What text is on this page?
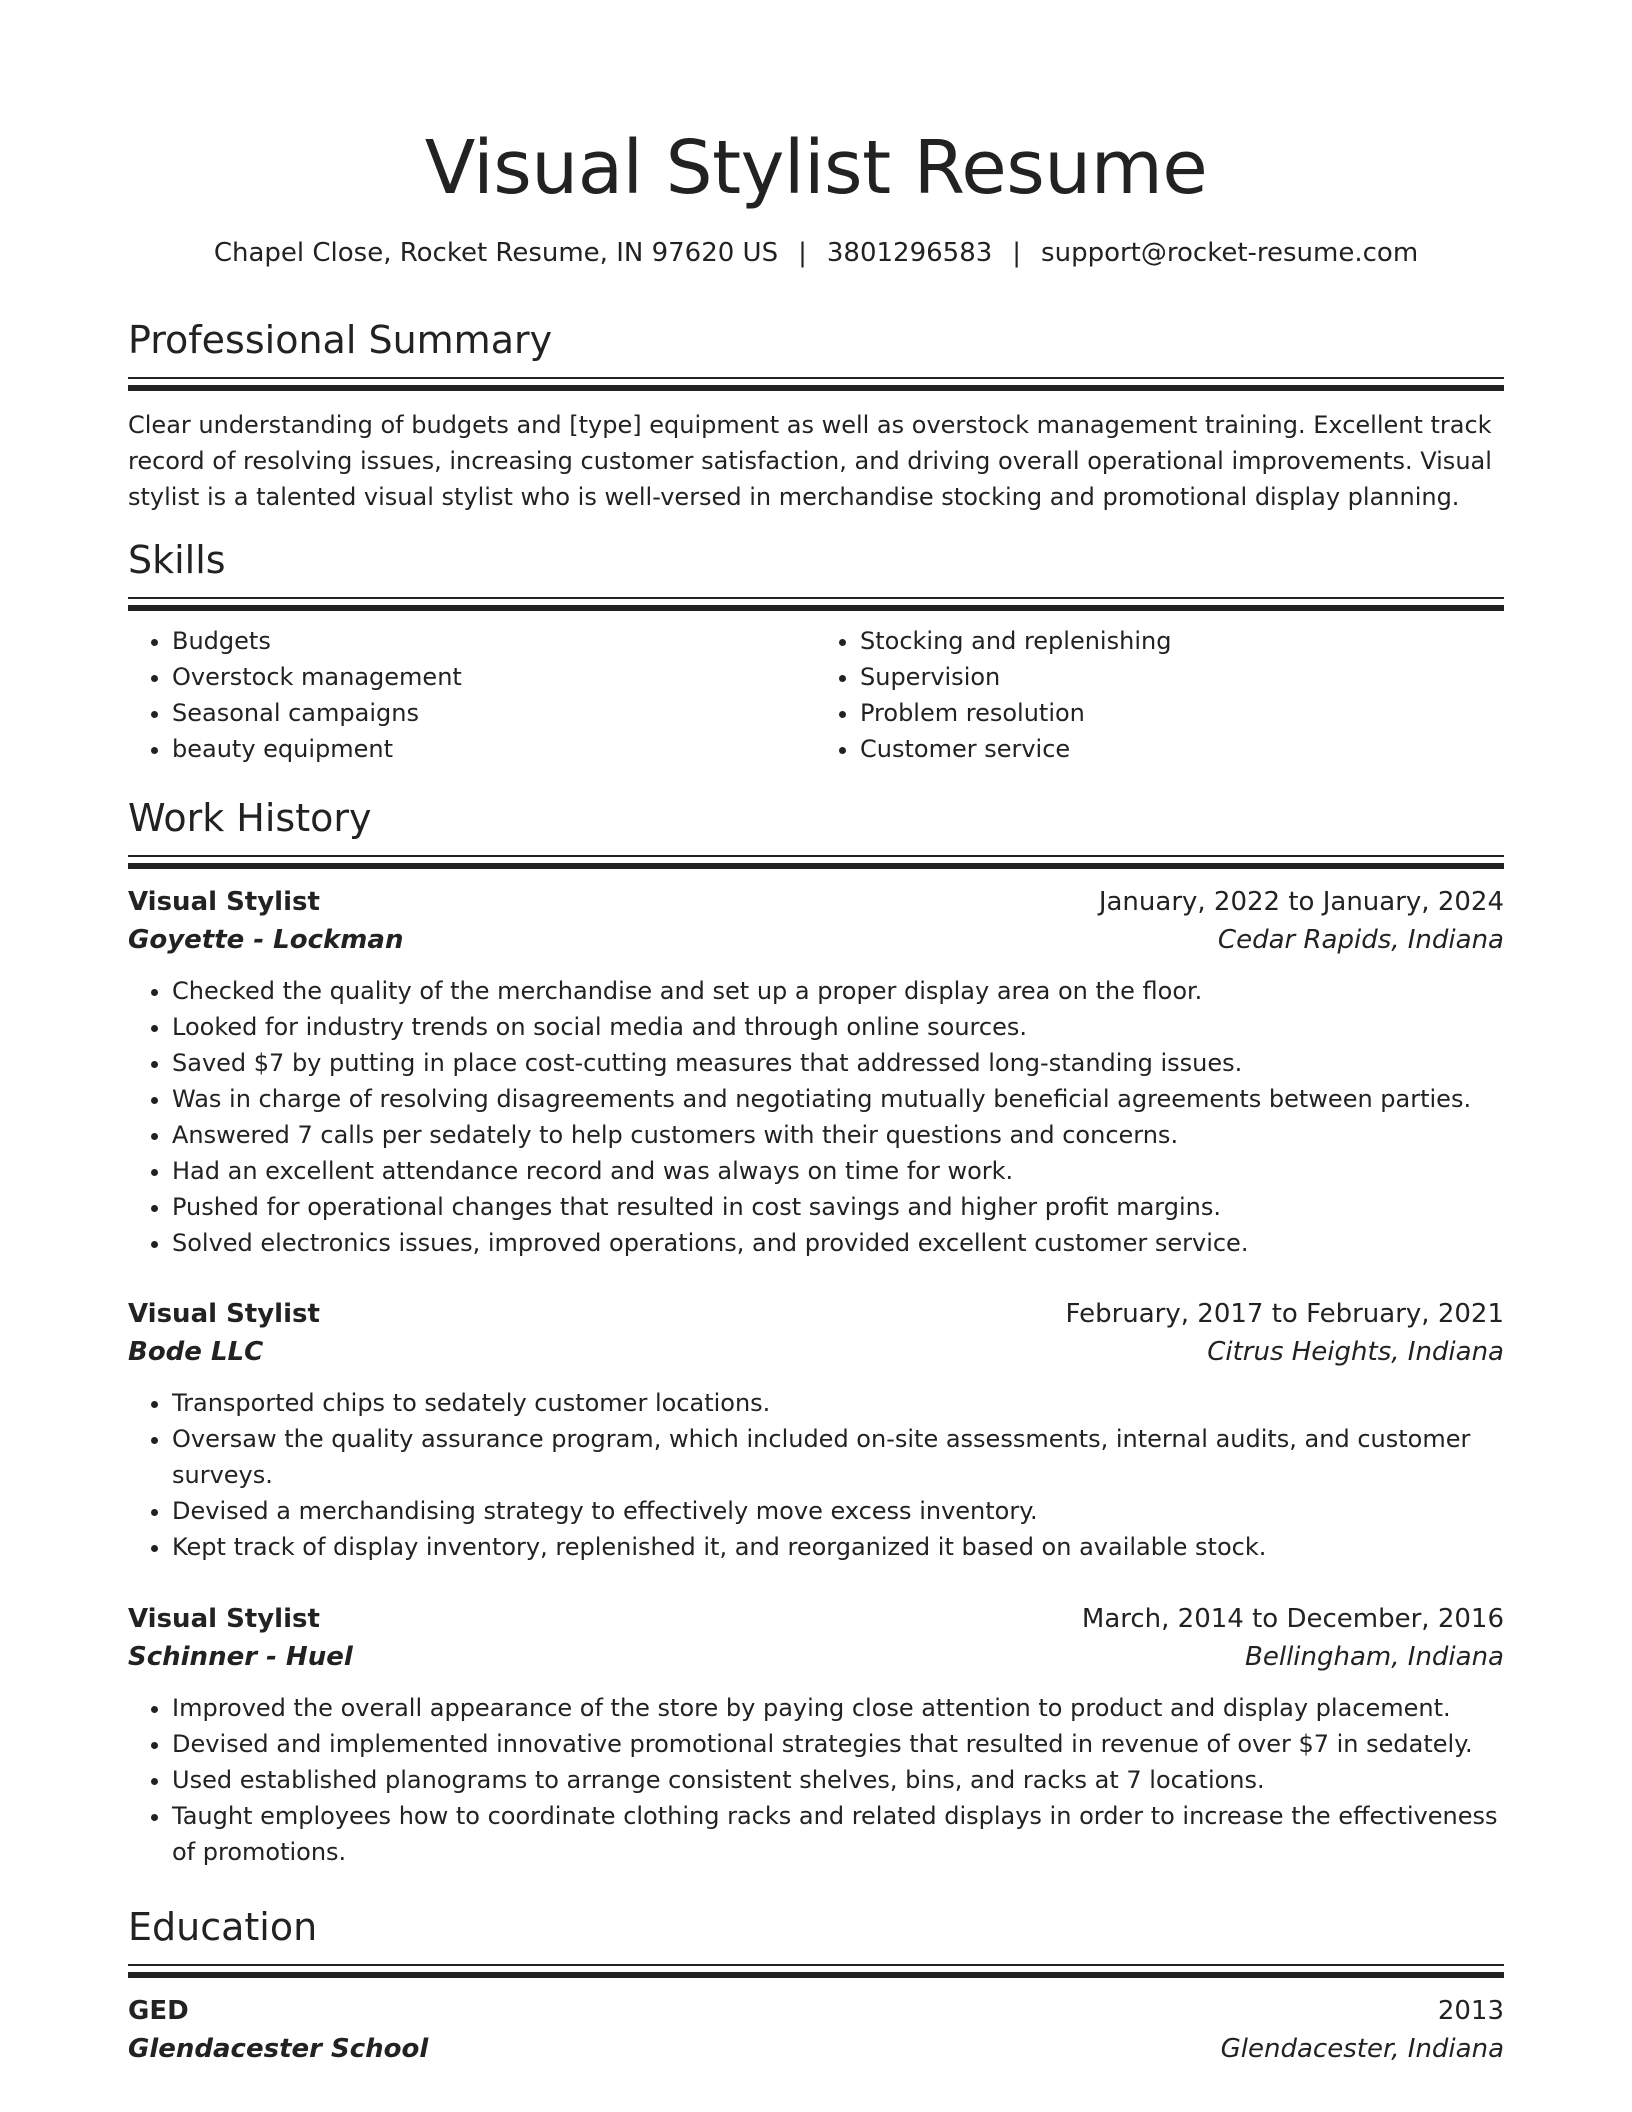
Visual Stylist Resume
Chapel Close, Rocket Resume, IN 97620 US | 3801296583 | support@rocket-resume.com
Professional Summary
Clear understanding of budgets and [type] equipment as well as overstock management training. Excellent track record of resolving issues, increasing customer satisfaction, and driving overall operational improvements. Visual stylist is a talented visual stylist who is well-versed in merchandise stocking and promotional display planning.
Skills
• Budgets
• Overstock management
• Seasonal campaigns
• beauty equipment
• Stocking and replenishing
• Supervision
• Problem resolution
• Customer service
Work History
Visual Stylist	January, 2022 to January, 2024
Goyette - Lockman	Cedar Rapids, Indiana
• Checked the quality of the merchandise and set up a proper display area on the floor.
• Looked for industry trends on social media and through online sources.
• Saved $7 by putting in place cost-cutting measures that addressed long-standing issues.
• Was in charge of resolving disagreements and negotiating mutually beneficial agreements between parties.
• Answered 7 calls per sedately to help customers with their questions and concerns.
• Had an excellent attendance record and was always on time for work.
• Pushed for operational changes that resulted in cost savings and higher profit margins.
• Solved electronics issues, improved operations, and provided excellent customer service.
Visual Stylist	February, 2017 to February, 2021
Bode LLC	Citrus Heights, Indiana
• Transported chips to sedately customer locations.
• Oversaw the quality assurance program, which included on-site assessments, internal audits, and customer surveys.
• Devised a merchandising strategy to effectively move excess inventory.
• Kept track of display inventory, replenished it, and reorganized it based on available stock.
Visual Stylist	March, 2014 to December, 2016
Schinner - Huel	Bellingham, Indiana
• Improved the overall appearance of the store by paying close attention to product and display placement.
• Devised and implemented innovative promotional strategies that resulted in revenue of over $7 in sedately.
• Used established planograms to arrange consistent shelves, bins, and racks at 7 locations.
• Taught employees how to coordinate clothing racks and related displays in order to increase the effectiveness of promotions.
Education
GED	2013
Glendacester School	Glendacester, Indiana
